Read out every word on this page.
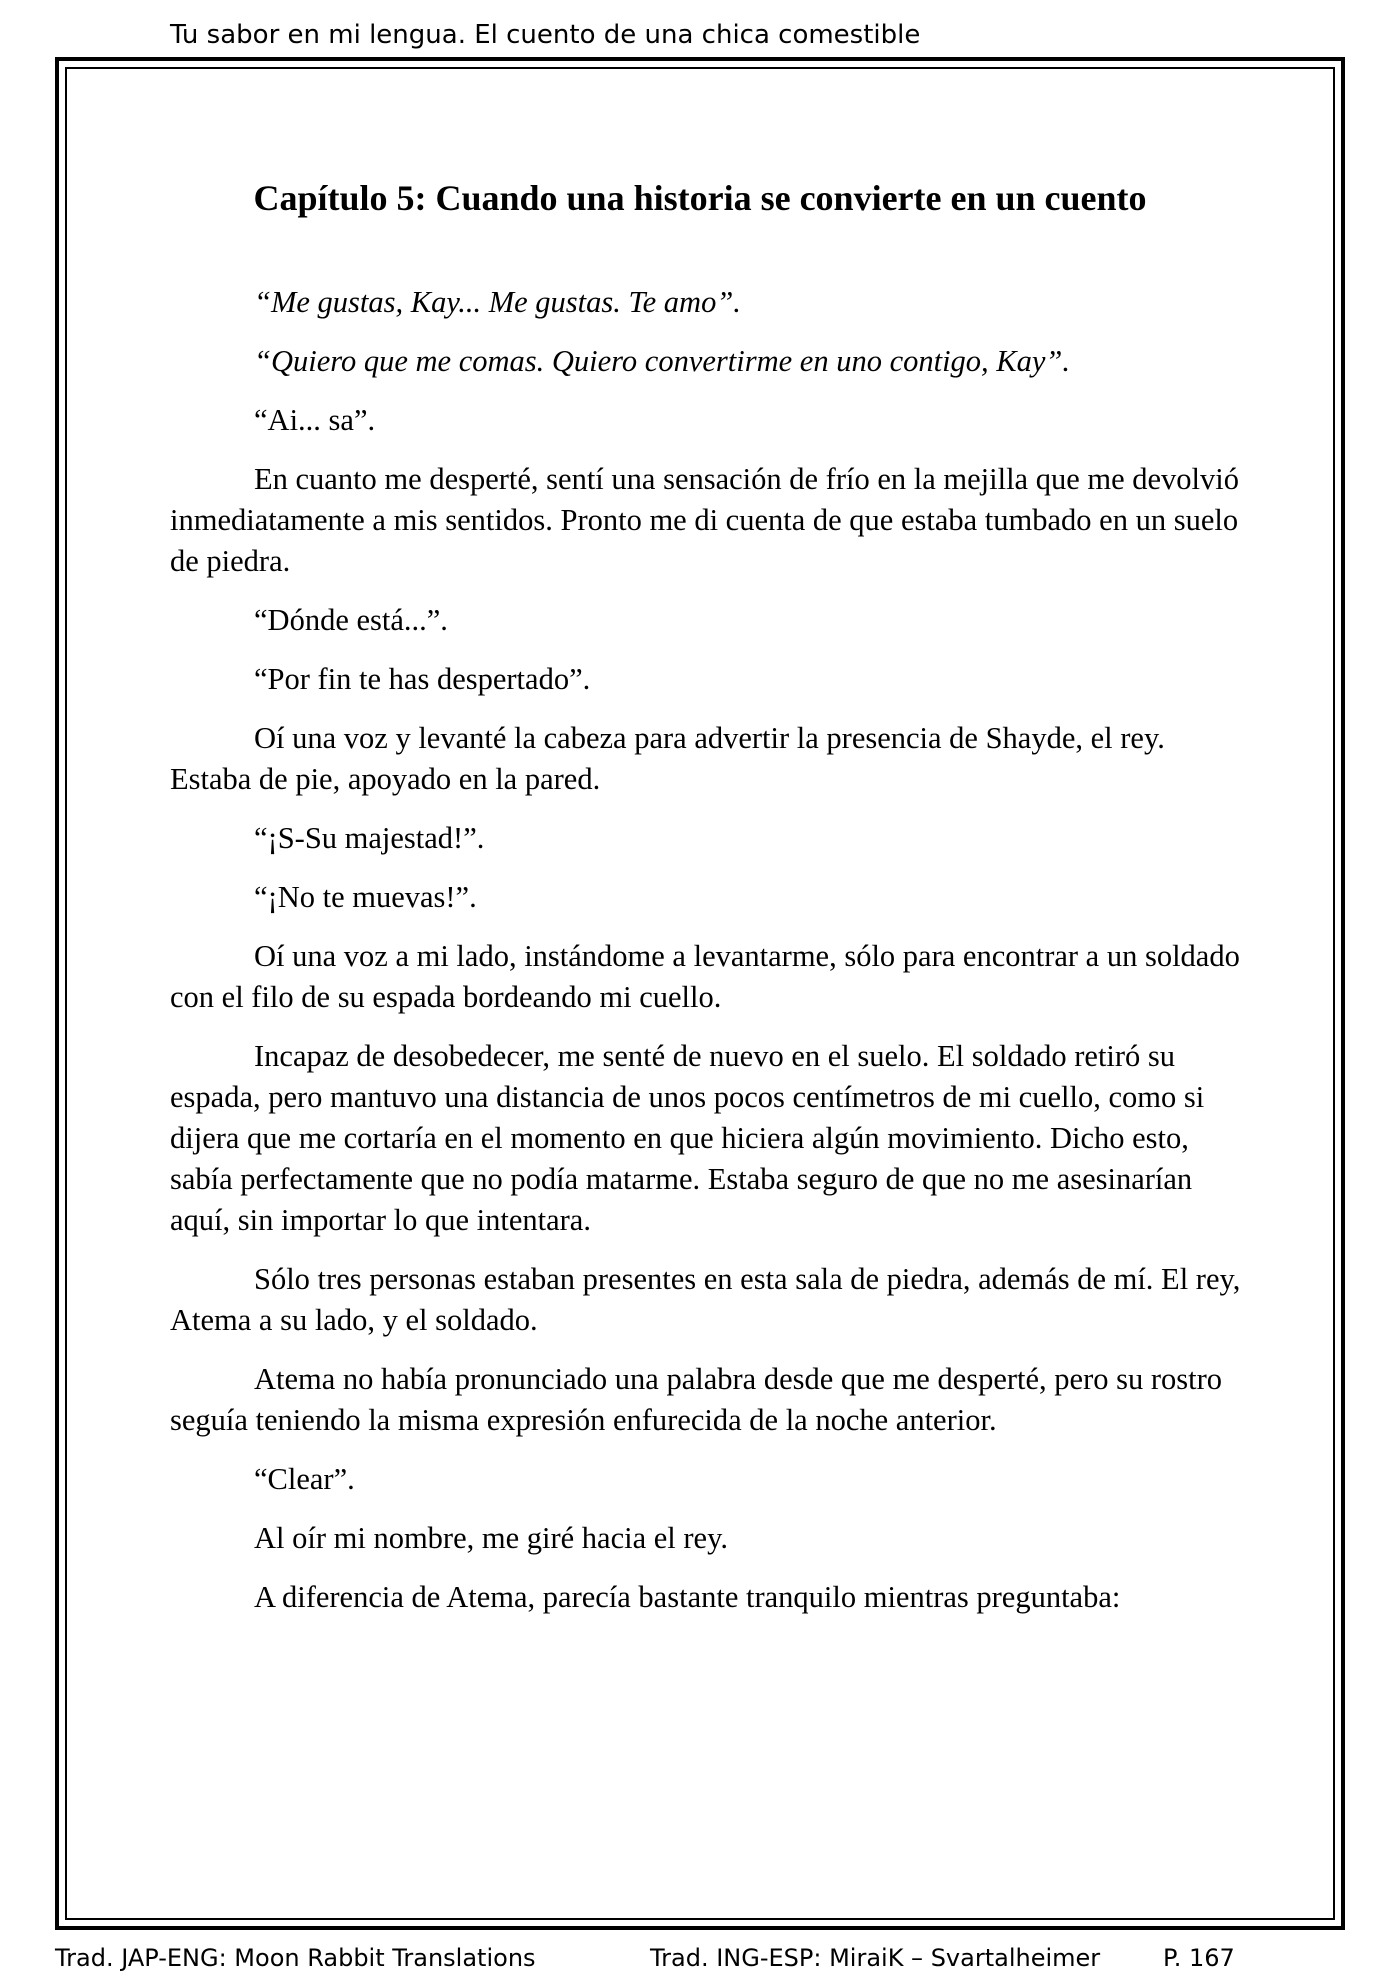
Tu sabor en mi lengua. El cuento de una chica comestible
Capítulo 5: Cuando una historia se convierte en un cuento

“Me gustas, Kay... Me gustas. Te amo”.

“Quiero que me comas. Quiero convertirme en uno contigo, Kay”.

“Ai... sa”.

En cuanto me desperté, sentí una sensación de frío en la mejilla que me devolvió inmediatamente a mis sentidos. Pronto me di cuenta de que estaba tumbado en un suelo de piedra.

“Dónde está...”.

“Por fin te has despertado”.

Oí una voz y levanté la cabeza para advertir la presencia de Shayde, el rey. Estaba de pie, apoyado en la pared.

“¡S-Su majestad!”.

“¡No te muevas!”.

Oí una voz a mi lado, instándome a levantarme, sólo para encontrar a un soldado con el filo de su espada bordeando mi cuello.

Incapaz de desobedecer, me senté de nuevo en el suelo. El soldado retiró su espada, pero mantuvo una distancia de unos pocos centímetros de mi cuello, como si dijera que me cortaría en el momento en que hiciera algún movimiento. Dicho esto, sabía perfectamente que no podía matarme. Estaba seguro de que no me asesinarían aquí, sin importar lo que intentara.

Sólo tres personas estaban presentes en esta sala de piedra, además de mí. El rey, Atema a su lado, y el soldado.

Atema no había pronunciado una palabra desde que me desperté, pero su rostro seguía teniendo la misma expresión enfurecida de la noche anterior.

“Clear”.

Al oír mi nombre, me giré hacia el rey.

A diferencia de Atema, parecía bastante tranquilo mientras preguntaba:

Trad. JAP-ENG: Moon Rabbit Translations	Trad. ING-ESP: MiraiK – Svartalheimer	P. 167
